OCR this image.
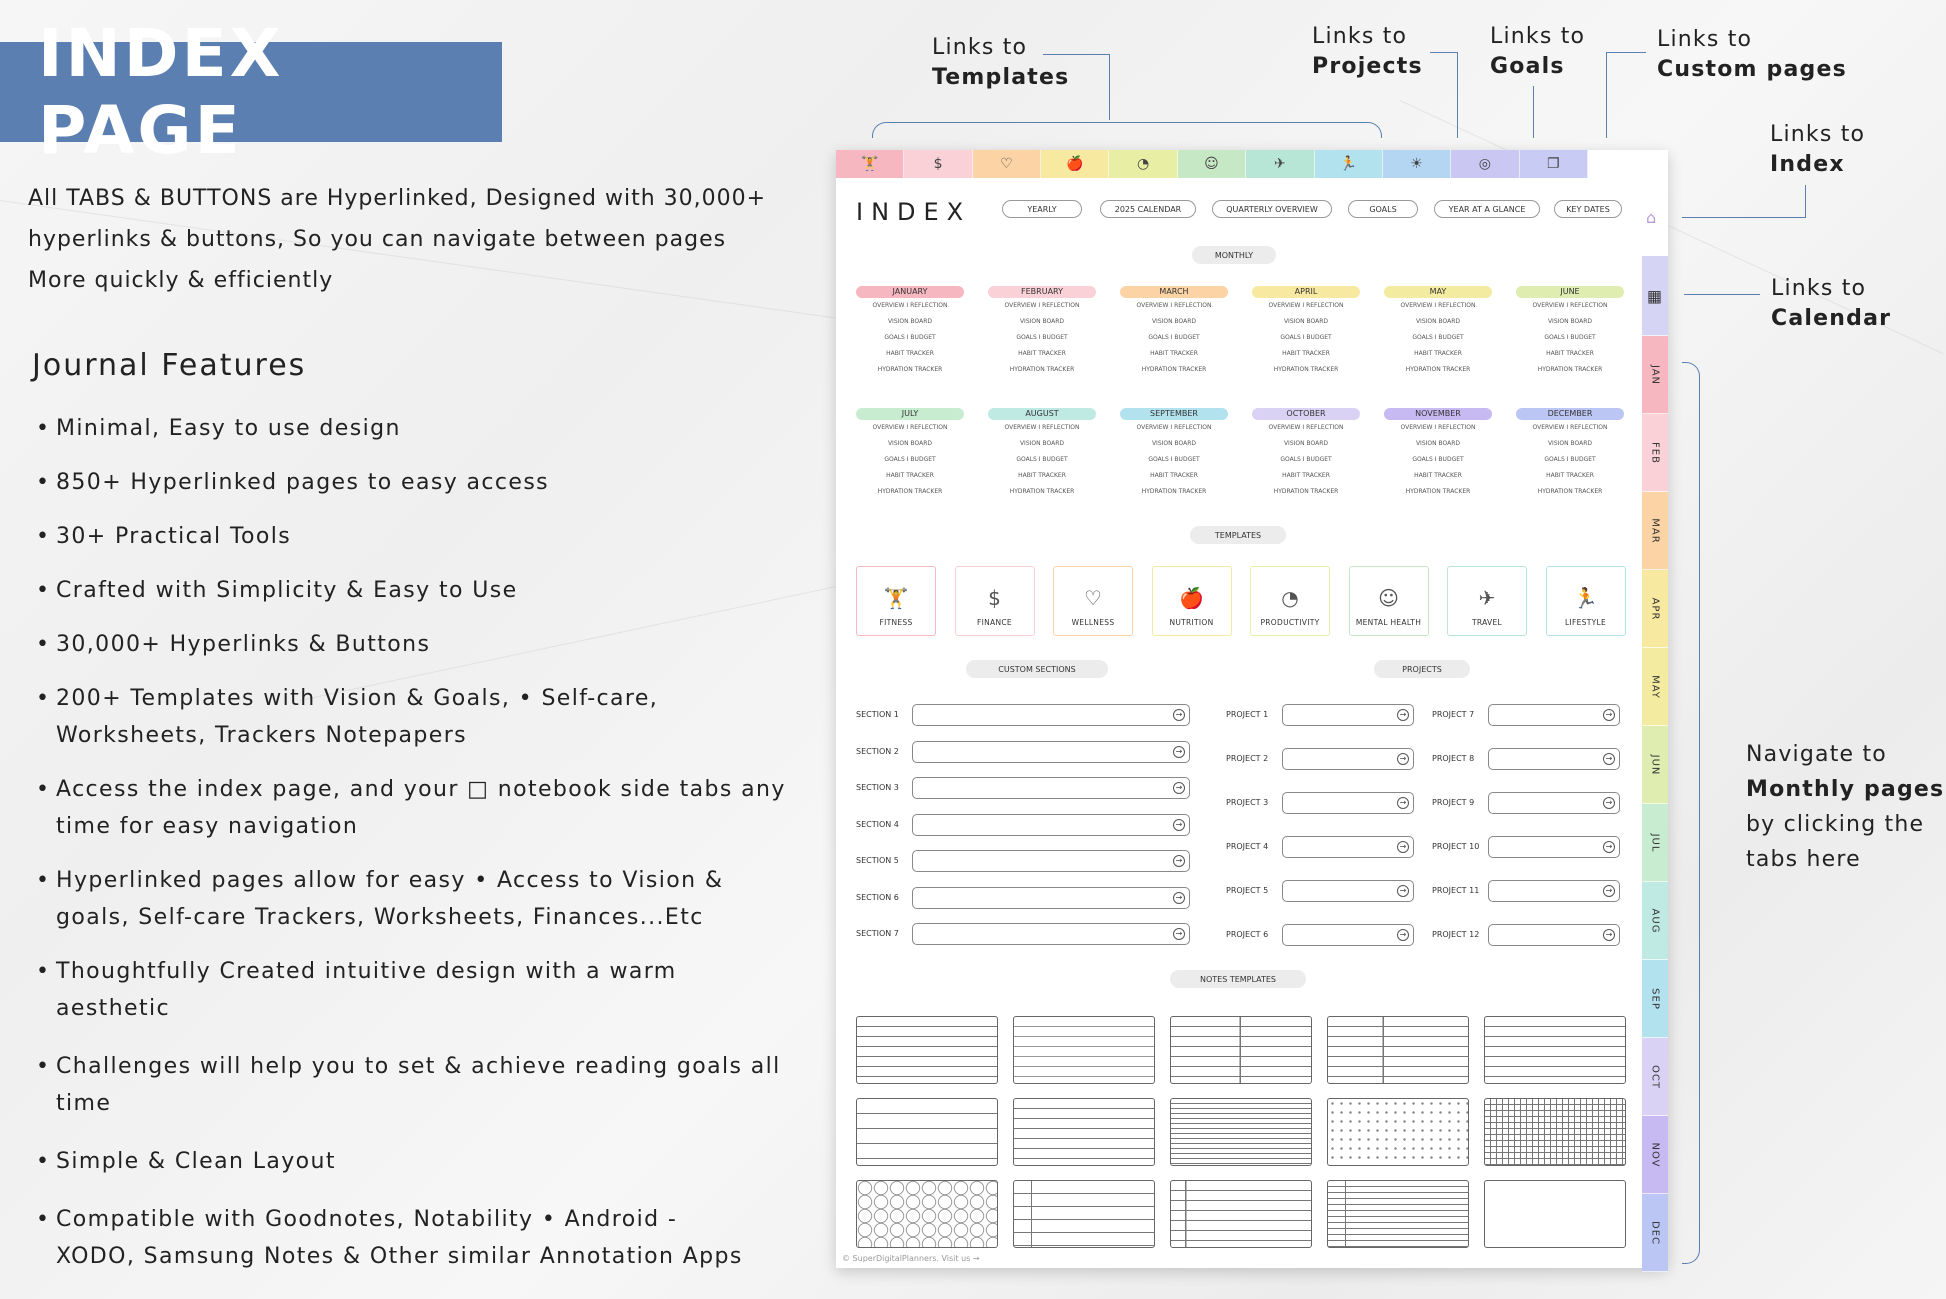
INDEX PAGE
All TABS & BUTTONS are Hyperlinked, Designed with 30,000+ hyperlinks & buttons, So you can navigate between pages More quickly & efficiently
Journal Features
• Minimal, Easy to use design
• 850+ Hyperlinked pages to easy access
• 30+ Practical Tools
• Crafted with Simplicity & Easy to Use
• 30,000+ Hyperlinks & Buttons
• 200+ Templates with Vision & Goals, • Self-care, Worksheets, Trackers Notepapers
• Access the index page, and your □ notebook side tabs any time for easy navigation
• Hyperlinked pages allow for easy • Access to Vision & goals, Self-care Trackers, Worksheets, Finances...Etc
• Thoughtfully Created intuitive design with a warm aesthetic
• Challenges will help you to set & achieve reading goals all time
• Simple & Clean Layout
• Compatible with Goodnotes, Notability • Android - XODO, Samsung Notes & Other similar Annotation Apps
Links to
Templates
Links to
Projects
Links to
Goals
Links to
Custom pages
Links to
Index
Links to
Calendar
Navigate to
Monthly pages
by clicking the
tabs here
🏋	$	♡	🍎	◔	☺	✈	🏃	☀	◎	❐
INDEX	YEARLY	2025 CALENDAR	QUARTERLY OVERVIEW	GOALS	YEAR AT A GLANCE	KEY DATES	⌂
MONTHLY
JANUARY
OVERVIEW I REFLECTION
VISION BOARD
GOALS I BUDGET
HABIT TRACKER
HYDRATION TRACKER
FEBRUARY
OVERVIEW I REFLECTION
VISION BOARD
GOALS I BUDGET
HABIT TRACKER
HYDRATION TRACKER
MARCH
OVERVIEW I REFLECTION
VISION BOARD
GOALS I BUDGET
HABIT TRACKER
HYDRATION TRACKER
APRIL
OVERVIEW I REFLECTION
VISION BOARD
GOALS I BUDGET
HABIT TRACKER
HYDRATION TRACKER
MAY
OVERVIEW I REFLECTION
VISION BOARD
GOALS I BUDGET
HABIT TRACKER
HYDRATION TRACKER
JUNE
OVERVIEW I REFLECTION
VISION BOARD
GOALS I BUDGET
HABIT TRACKER
HYDRATION TRACKER
JULY
OVERVIEW I REFLECTION
VISION BOARD
GOALS I BUDGET
HABIT TRACKER
HYDRATION TRACKER
AUGUST
OVERVIEW I REFLECTION
VISION BOARD
GOALS I BUDGET
HABIT TRACKER
HYDRATION TRACKER
SEPTEMBER
OVERVIEW I REFLECTION
VISION BOARD
GOALS I BUDGET
HABIT TRACKER
HYDRATION TRACKER
OCTOBER
OVERVIEW I REFLECTION
VISION BOARD
GOALS I BUDGET
HABIT TRACKER
HYDRATION TRACKER
NOVEMBER
OVERVIEW I REFLECTION
VISION BOARD
GOALS I BUDGET
HABIT TRACKER
HYDRATION TRACKER
DECEMBER
OVERVIEW I REFLECTION
VISION BOARD
GOALS I BUDGET
HABIT TRACKER
HYDRATION TRACKER
TEMPLATES
🏋
FITNESS
$
FINANCE
♡
WELLNESS
🍎
NUTRITION
◔
PRODUCTIVITY
☺
MENTAL HEALTH
✈
TRAVEL
🏃
LIFESTYLE
CUSTOM SECTIONS	PROJECTS
SECTION 1	→
SECTION 2	→
SECTION 3	→
SECTION 4	→
SECTION 5	→
SECTION 6	→
SECTION 7	→
PROJECT 1	→
PROJECT 2	→
PROJECT 3	→
PROJECT 4	→
PROJECT 5	→
PROJECT 6	→
PROJECT 7	→
PROJECT 8	→
PROJECT 9	→
PROJECT 10	→
PROJECT 11	→
PROJECT 12	→
NOTES TEMPLATES
▦
JAN
FEB
MAR
APR
MAY
JUN
JUL
AUG
SEP
OCT
NOV
DEC
© SuperDigitalPlanners. Visit us →
